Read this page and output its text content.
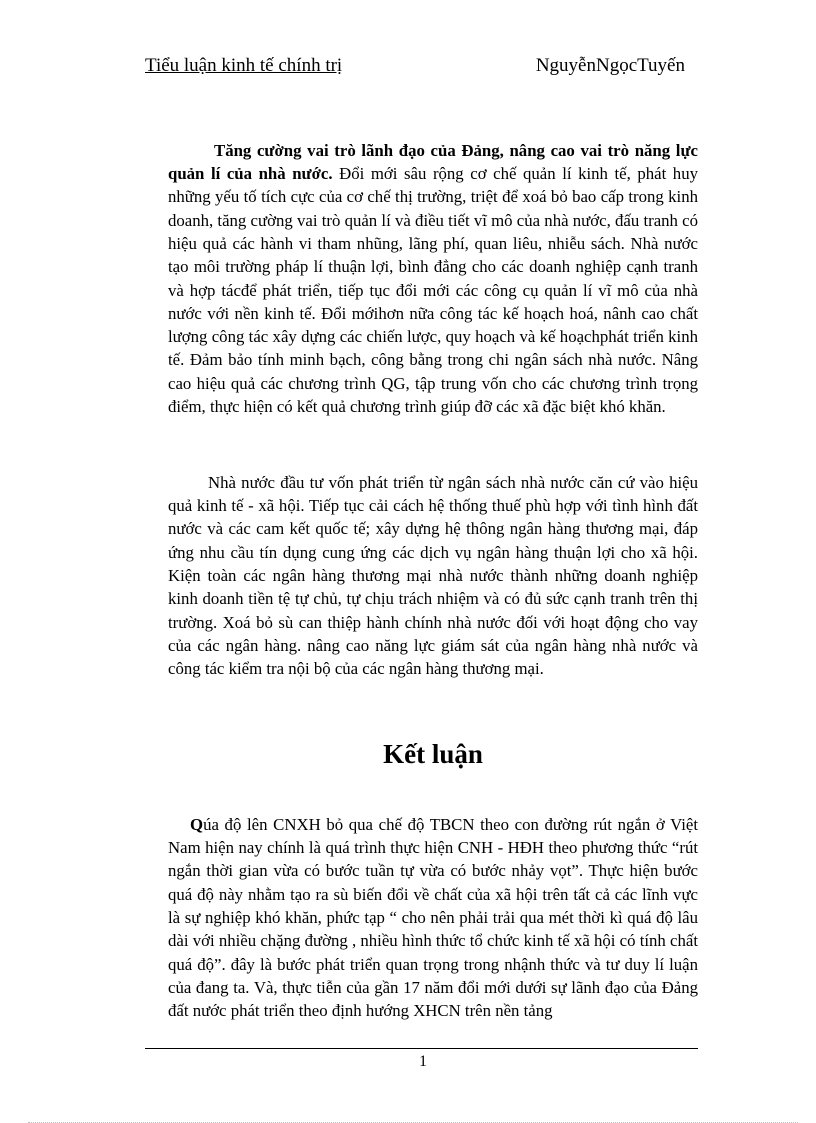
Tiểu luận kinh tế chính trị	NguyễnNgọcTuyến

Tăng cường vai trò lãnh đạo của Đảng, nâng cao vai trò năng lực quản lí của nhà nước. Đổi mới sâu rộng cơ chế quản lí kinh tế, phát huy những yếu tố tích cực của cơ chế thị trường, triệt để xoá bỏ bao cấp trong kinh doanh, tăng cường vai trò quản lí và điều tiết vĩ mô của nhà nước, đấu tranh có hiệu quả các hành vi tham nhũng, lãng phí, quan liêu, nhiễu sách. Nhà nước tạo môi trường pháp lí thuận lợi, bình đẳng cho các doanh nghiệp cạnh tranh và hợp tácđể phát triển, tiếp tục đổi mới các công cụ quản lí vĩ mô của nhà nước với nền kinh tế. Đổi mớihơn nữa công tác kế hoạch hoá, nânh cao chất lượng công tác xây dựng các chiến lược, quy hoạch và kế hoạchphát triển kinh tế. Đảm bảo tính minh bạch, công bằng trong chi ngân sách nhà nước. Nâng cao hiệu quả các chương trình QG, tập trung vốn cho các chương trình trọng điểm, thực hiện có kết quả chương trình giúp đỡ các xã đặc biệt khó khăn.

Nhà nước đầu tư vốn phát triển từ ngân sách nhà nước căn cứ vào hiệu quả kinh tế - xã hội. Tiếp tục cải cách hệ thống thuế phù hợp với tình hình đất nước và các cam kết quốc tế; xây dựng hệ thông ngân hàng thương mại, đáp ứng nhu cầu tín dụng cung ứng các dịch vụ ngân hàng thuận lợi cho xã hội. Kiện toàn các ngân hàng thương mại nhà nước thành những doanh nghiệp kinh doanh tiền tệ tự chủ, tự chịu trách nhiệm và có đủ sức cạnh tranh trên thị trường. Xoá bỏ sù can thiệp hành chính nhà nước đối với hoạt động cho vay của các ngân hàng. nâng cao năng lực giám sát của ngân hàng nhà nước và công tác kiểm tra nội bộ của các ngân hàng thương mại.

Kết luận

Qúa độ lên CNXH bỏ qua chế độ TBCN theo con đường rút ngắn ở Việt Nam hiện nay chính là quá trình thực hiện CNH - HĐH theo phương thức “rút ngắn thời gian vừa có bước tuần tự vừa có bước nhảy vọt”. Thực hiện bước quá độ này nhằm tạo ra sù biến đổi về chất của xã hội trên tất cả các lĩnh vực là sự nghiệp khó khăn, phức tạp “ cho nên phải trải qua mét thời kì quá độ lâu dài với nhiều chặng đường , nhiều hình thức tổ chức kinh tế xã hội có tính chất quá độ”. đây là bước phát triển quan trọng trong nhậnh thức và tư duy lí luận của đang ta. Và, thực tiễn của gần 17 năm đổi mới dưới sự lãnh đạo của Đảng đất nước phát triển theo định hướng XHCN trên nền tảng

1
